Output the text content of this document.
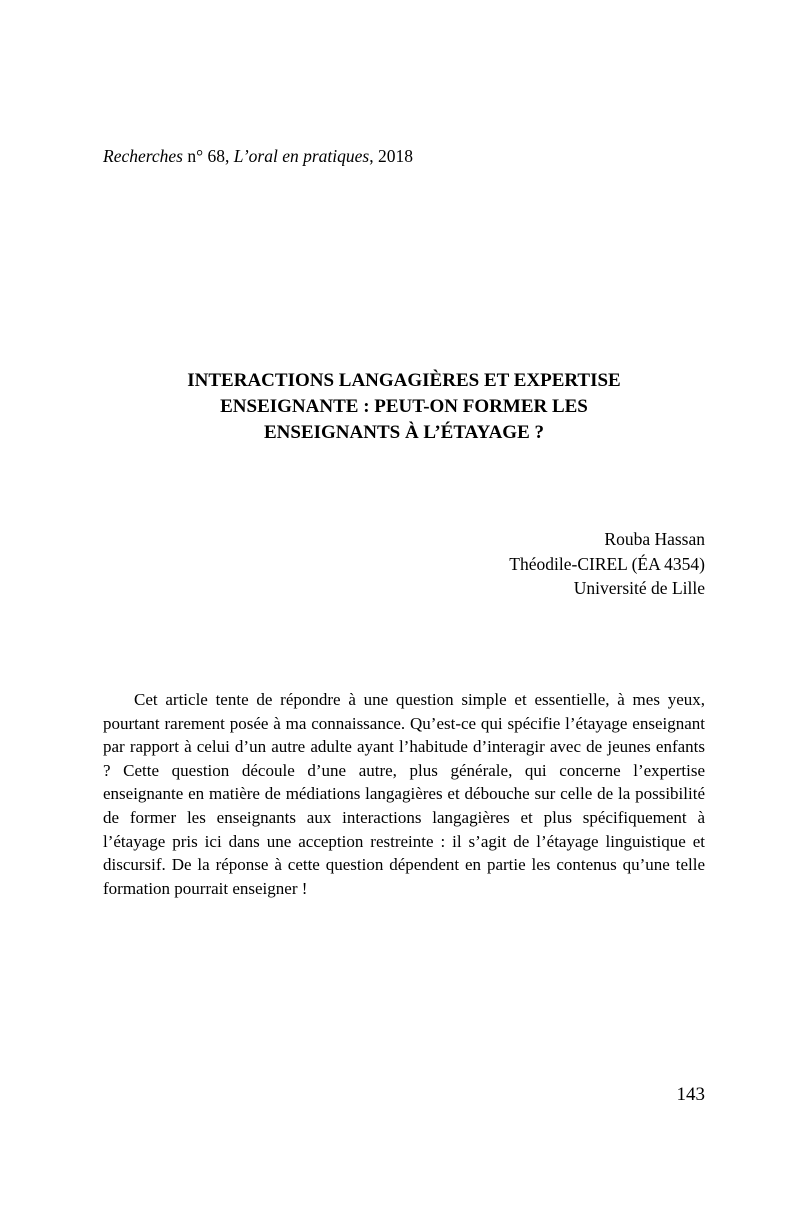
Recherches n° 68, L’oral en pratiques, 2018
INTERACTIONS LANGAGIÈRES ET EXPERTISE
ENSEIGNANTE : PEUT-ON FORMER LES
ENSEIGNANTS À L’ÉTAYAGE ?
Rouba Hassan
Théodile-CIREL (ÉA 4354)
Université de Lille

Cet article tente de répondre à une question simple et essentielle, à mes yeux, pourtant rarement posée à ma connaissance. Qu’est-ce qui spécifie l’étayage enseignant par rapport à celui d’un autre adulte ayant l’habitude d’interagir avec de jeunes enfants ? Cette question découle d’une autre, plus générale, qui concerne l’expertise enseignante en matière de médiations langagières et débouche sur celle de la possibilité de former les enseignants aux interactions langagières et plus spécifiquement à l’étayage pris ici dans une acception restreinte : il s’agit de l’étayage linguistique et discursif. De la réponse à cette question dépendent en partie les contenus qu’une telle formation pourrait enseigner !

143
